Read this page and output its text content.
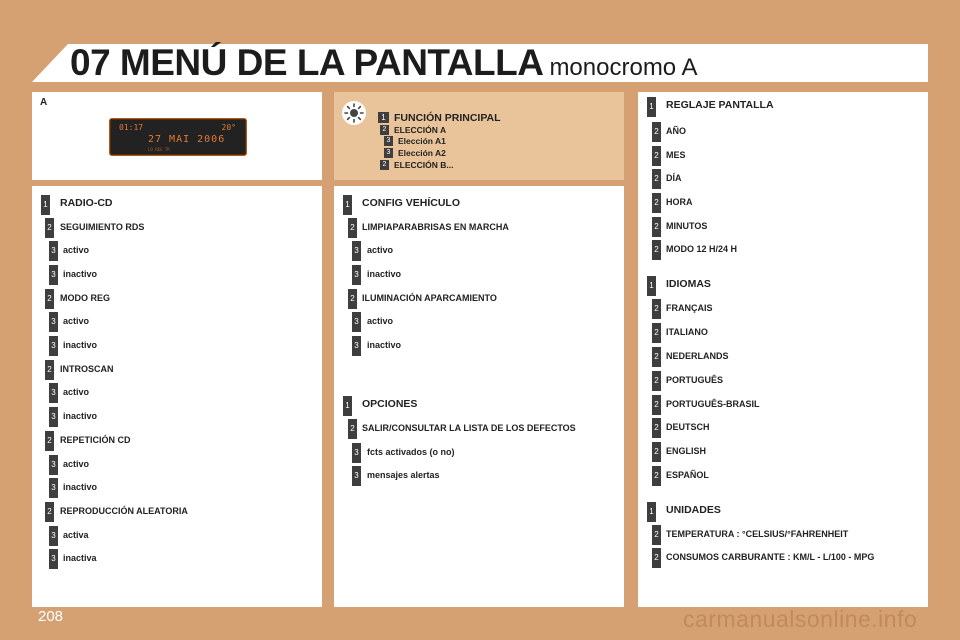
07 MENÚ DE LA PANTALLA monocromo A
A
01:17	20°
27 MAI 2006
LO REG TR
1 FUNCIÓN PRINCIPAL
2 ELECCIÓN A
3 Elección A1
3 Elección A2
2 ELECCIÓN B...
1 RADIO-CD
2 SEGUIMIENTO RDS
3 activo
3 inactivo
2 MODO REG
3 activo
3 inactivo
2 INTROSCAN
3 activo
3 inactivo
2 REPETICIÓN CD
3 activo
3 inactivo
2 REPRODUCCIÓN ALEATORIA
3 activa
3 inactiva
1 CONFIG VEHÍCULO
2 LIMPIAPARABRISAS EN MARCHA
3 activo
3 inactivo
2 ILUMINACIÓN APARCAMIENTO
3 activo
3 inactivo
1 OPCIONES
2 SALIR/CONSULTAR LA LISTA DE LOS DEFECTOS
3 fcts activados (o no)
3 mensajes alertas
1 REGLAJE PANTALLA
2 AÑO
2 MES
2 DÍA
2 HORA
2 MINUTOS
2 MODO 12 H/24 H
1 IDIOMAS
2 FRANÇAIS
2 ITALIANO
2 NEDERLANDS
2 PORTUGUÊS
2 PORTUGUÊS-BRASIL
2 DEUTSCH
2 ENGLISH
2 ESPAÑOL
1 UNIDADES
2 TEMPERATURA : °CELSIUS/°FAHRENHEIT
2 CONSUMOS CARBURANTE : KM/L - L/100 - MPG
208	carmanualsonline.info
